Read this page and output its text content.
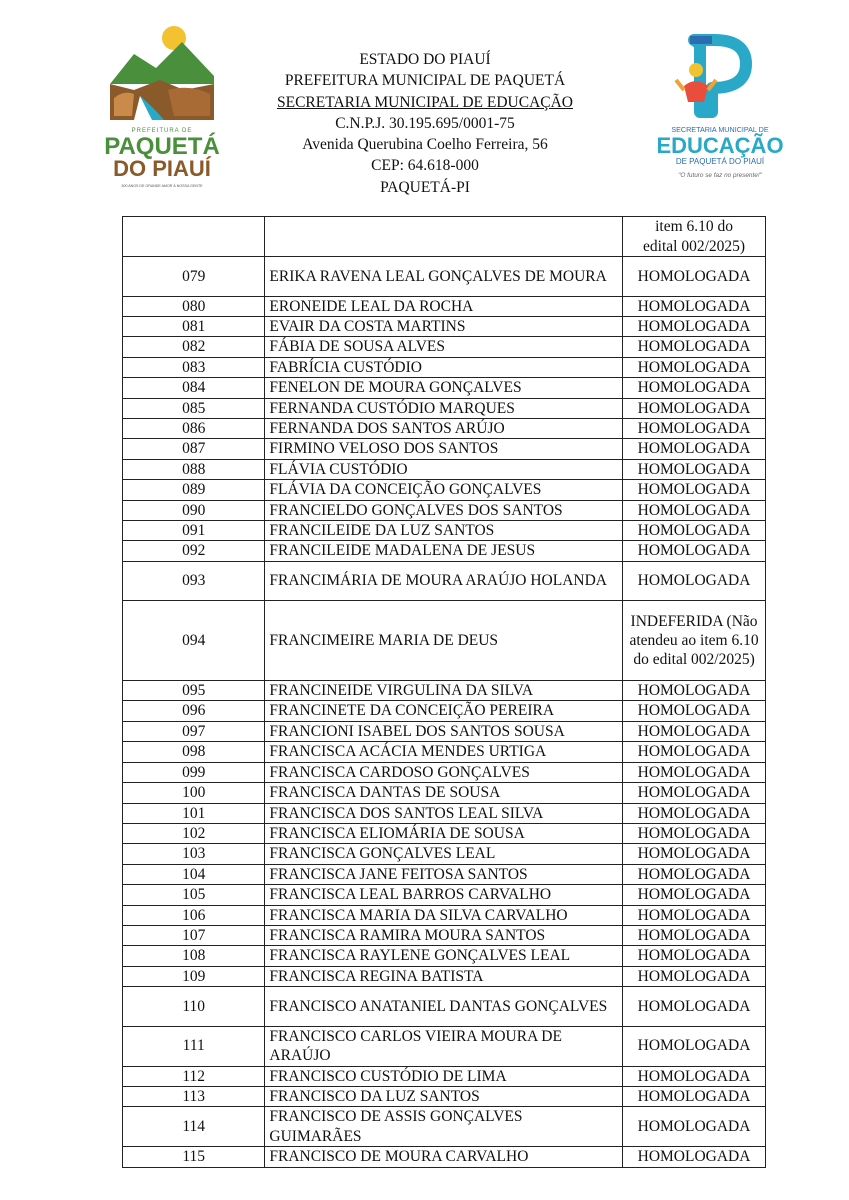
PREFEITURA DE
PAQUETÁ
DO PIAUÍ
500 ANOS DE GRANDE AMOR À NOSSA GENTE
ESTADO DO PIAUÍ
PREFEITURA MUNICIPAL DE PAQUETÁ
SECRETARIA MUNICIPAL DE EDUCAÇÃO
C.N.P.J. 30.195.695/0001-75
Avenida Querubina Coelho Ferreira, 56
CEP: 64.618-000
PAQUETÁ-PI
SECRETARIA MUNICIPAL DE
EDUCAÇÃO
DE PAQUETÁ DO PIAUÍ
"O futuro se faz no presente!"

		item 6.10 do
edital 002/2025)

079	ERIKA RAVENA LEAL GONÇALVES DE MOURA	HOMOLOGADA
080	ERONEIDE LEAL DA ROCHA	HOMOLOGADA
081	EVAIR DA COSTA MARTINS	HOMOLOGADA
082	FÁBIA DE SOUSA ALVES	HOMOLOGADA
083	FABRÍCIA CUSTÓDIO	HOMOLOGADA
084	FENELON DE MOURA GONÇALVES	HOMOLOGADA
085	FERNANDA CUSTÓDIO MARQUES	HOMOLOGADA
086	FERNANDA DOS SANTOS ARÚJO	HOMOLOGADA
087	FIRMINO VELOSO DOS SANTOS	HOMOLOGADA
088	FLÁVIA CUSTÓDIO	HOMOLOGADA
089	FLÁVIA DA CONCEIÇÃO GONÇALVES	HOMOLOGADA
090	FRANCIELDO GONÇALVES DOS SANTOS	HOMOLOGADA
091	FRANCILEIDE DA LUZ SANTOS	HOMOLOGADA
092	FRANCILEIDE MADALENA DE JESUS	HOMOLOGADA
093	FRANCIMÁRIA DE MOURA ARAÚJO HOLANDA	HOMOLOGADA
094	FRANCIMEIRE MARIA DE DEUS	INDEFERIDA (Não atendeu ao item 6.10 do edital 002/2025)
095	FRANCINEIDE VIRGULINA DA SILVA	HOMOLOGADA
096	FRANCINETE DA CONCEIÇÃO PEREIRA	HOMOLOGADA
097	FRANCIONI ISABEL DOS SANTOS SOUSA	HOMOLOGADA
098	FRANCISCA ACÁCIA MENDES URTIGA	HOMOLOGADA
099	FRANCISCA CARDOSO GONÇALVES	HOMOLOGADA
100	FRANCISCA DANTAS DE SOUSA	HOMOLOGADA
101	FRANCISCA DOS SANTOS LEAL SILVA	HOMOLOGADA
102	FRANCISCA ELIOMÁRIA DE SOUSA	HOMOLOGADA
103	FRANCISCA GONÇALVES LEAL	HOMOLOGADA
104	FRANCISCA JANE FEITOSA SANTOS	HOMOLOGADA
105	FRANCISCA LEAL BARROS CARVALHO	HOMOLOGADA
106	FRANCISCA MARIA DA SILVA CARVALHO	HOMOLOGADA
107	FRANCISCA RAMIRA MOURA SANTOS	HOMOLOGADA
108	FRANCISCA RAYLENE GONÇALVES LEAL	HOMOLOGADA
109	FRANCISCA REGINA BATISTA	HOMOLOGADA
110	FRANCISCO ANATANIEL DANTAS GONÇALVES	HOMOLOGADA
111	FRANCISCO CARLOS VIEIRA MOURA DE ARAÚJO	HOMOLOGADA
112	FRANCISCO CUSTÓDIO DE LIMA	HOMOLOGADA
113	FRANCISCO DA LUZ SANTOS	HOMOLOGADA
114	FRANCISCO DE ASSIS GONÇALVES GUIMARÃES	HOMOLOGADA
115	FRANCISCO DE MOURA CARVALHO	HOMOLOGADA
